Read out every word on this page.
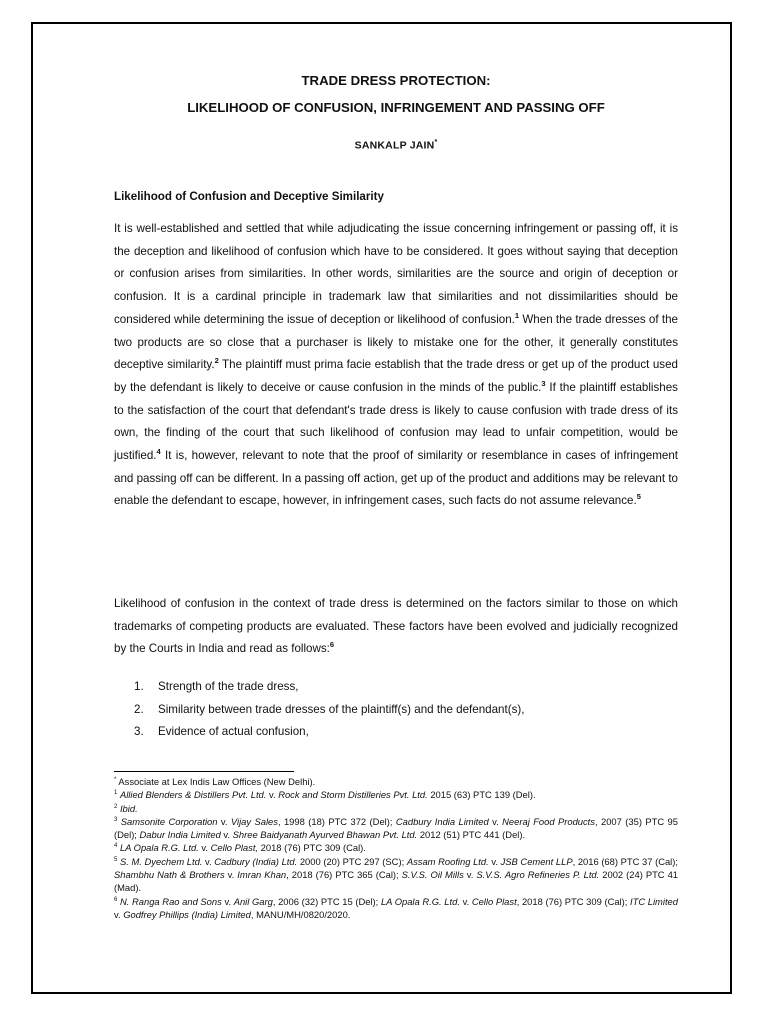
TRADE DRESS PROTECTION:
LIKELIHOOD OF CONFUSION, INFRINGEMENT AND PASSING OFF
SANKALP JAIN*
Likelihood of Confusion and Deceptive Similarity

It is well-established and settled that while adjudicating the issue concerning infringement or passing off, it is the deception and likelihood of confusion which have to be considered. It goes without saying that deception or confusion arises from similarities. In other words, similarities are the source and origin of deception or confusion. It is a cardinal principle in trademark law that similarities and not dissimilarities should be considered while determining the issue of deception or likelihood of confusion.$^1$ When the trade dresses of the two products are so close that a purchaser is likely to mistake one for the other, it generally constitutes deceptive similarity.$^2$ The plaintiff must prima facie establish that the trade dress or get up of the product used by the defendant is likely to deceive or cause confusion in the minds of the public.$^3$ If the plaintiff establishes to the satisfaction of the court that defendant's trade dress is likely to cause confusion with trade dress of its own, the finding of the court that such likelihood of confusion may lead to unfair competition, would be justified.$^4$ It is, however, relevant to note that the proof of similarity or resemblance in cases of infringement and passing off can be different. In a passing off action, get up of the product and additions may be relevant to enable the defendant to escape, however, in infringement cases, such facts do not assume relevance.$^5$

Likelihood of confusion in the context of trade dress is determined on the factors similar to those on which trademarks of competing products are evaluated. These factors have been evolved and judicially recognized by the Courts in India and read as follows:$^6$

1. Strength of the trade dress,
2. Similarity between trade dresses of the plaintiff(s) and the defendant(s),
3. Evidence of actual confusion,

* Associate at Lex Indis Law Offices (New Delhi).

$^1$ Allied Blenders & Distillers Pvt. Ltd. v. Rock and Storm Distilleries Pvt. Ltd. 2015 (63) PTC 139 (Del).

$^2$ Ibid.

$^3$ Samsonite Corporation v. Vijay Sales, 1998 (18) PTC 372 (Del); Cadbury India Limited v. Neeraj Food Products, 2007 (35) PTC 95 (Del); Dabur India Limited v. Shree Baidyanath Ayurved Bhawan Pvt. Ltd. 2012 (51) PTC 441 (Del).

$^4$ LA Opala R.G. Ltd. v. Cello Plast, 2018 (76) PTC 309 (Cal).

$^5$ S. M. Dyechem Ltd. v. Cadbury (India) Ltd. 2000 (20) PTC 297 (SC); Assam Roofing Ltd. v. JSB Cement LLP, 2016 (68) PTC 37 (Cal); Shambhu Nath & Brothers v. Imran Khan, 2018 (76) PTC 365 (Cal); S.V.S. Oil Mills v. S.V.S. Agro Refineries P. Ltd. 2002 (24) PTC 41 (Mad).

$^6$ N. Ranga Rao and Sons v. Anil Garg, 2006 (32) PTC 15 (Del); LA Opala R.G. Ltd. v. Cello Plast, 2018 (76) PTC 309 (Cal); ITC Limited v. Godfrey Phillips (India) Limited, MANU/MH/0820/2020.
